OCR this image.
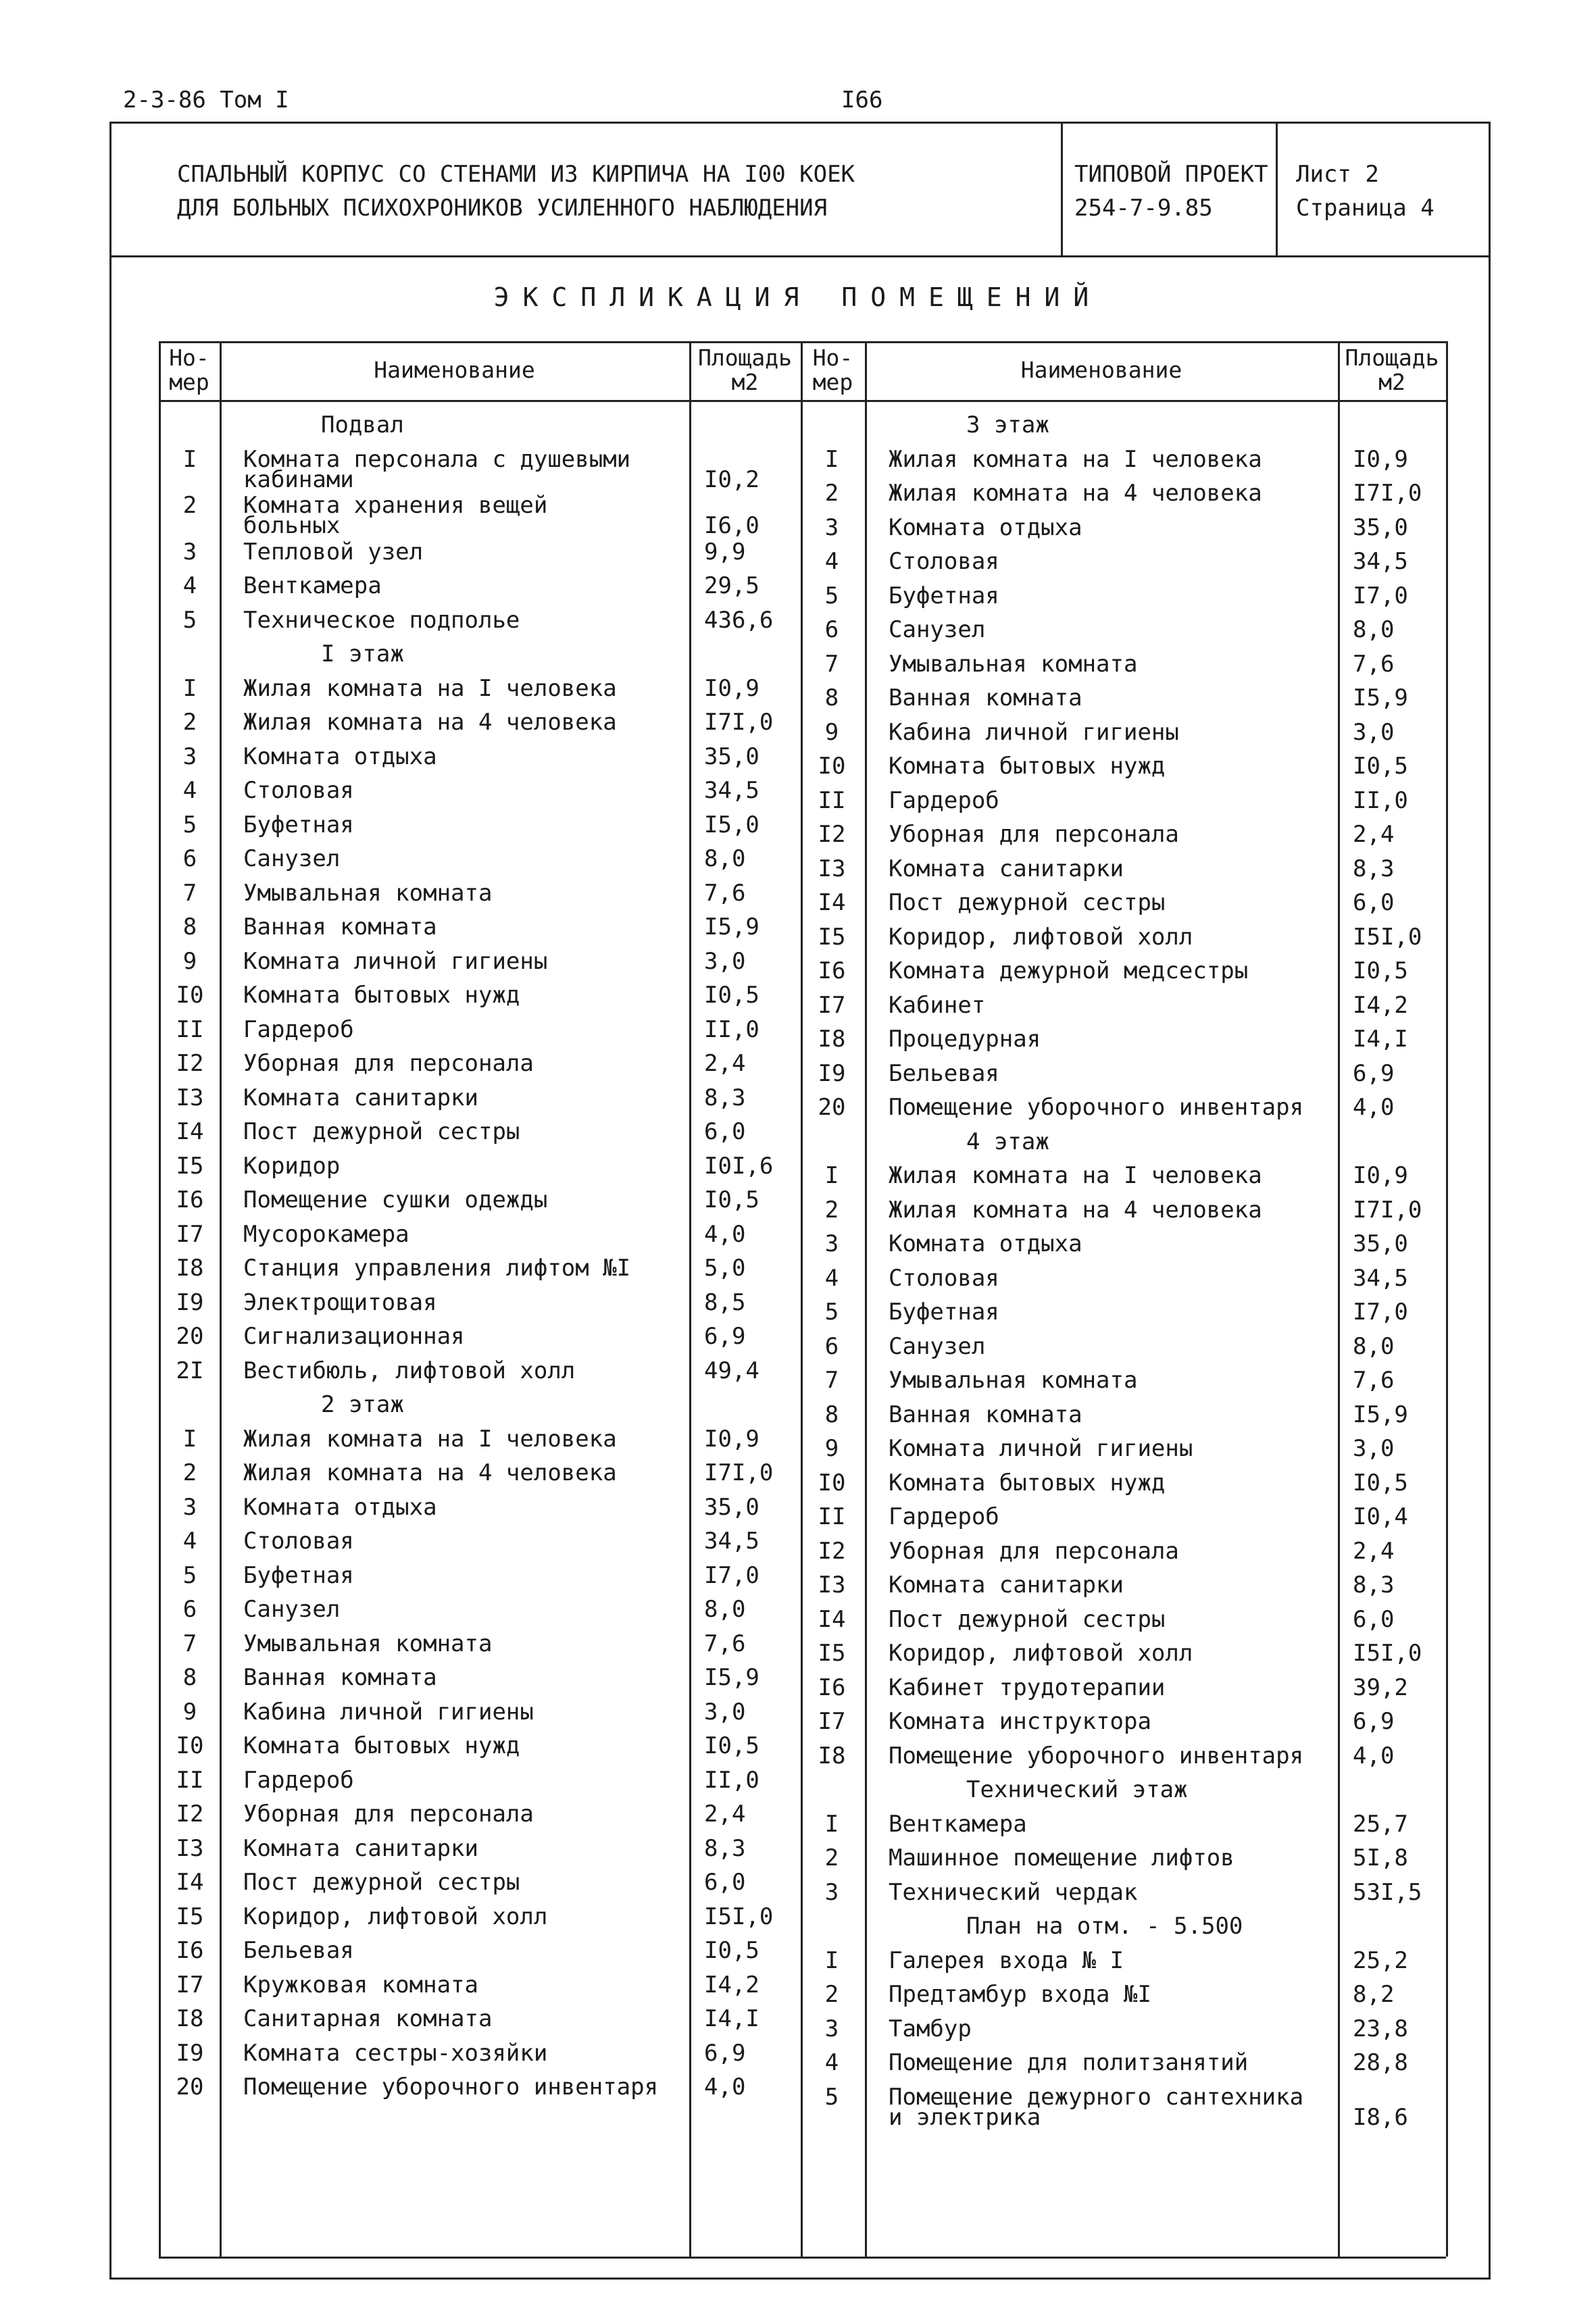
2-3-86 Том I	I66
СПАЛЬНЫЙ КОРПУС СО СТЕНАМИ ИЗ КИРПИЧА НА I00 КОЕК
ДЛЯ БОЛЬНЫХ ПСИХОХРОНИКОВ УСИЛЕННОГО НАБЛЮДЕНИЯ
ТИПОВОЙ ПРОЕКТ
254-7-9.85
Лист 2
Страница 4
ЭКСПЛИКАЦИЯ ПОМЕЩЕНИЙ
Но-
мер	Наименование	Площадь
м2
Но-
мер	Наименование	Площадь
м2
Подвал
I	Комната персонала с душевыми
кабинами	I0,2
2	Комната хранения вещей
больных	I6,0
3	Тепловой узел	9,9
4	Венткамера	29,5
5	Техническое подполье	436,6
I этаж
I	Жилая комната на I человека	I0,9
2	Жилая комната на 4 человека	I7I,0
3	Комната отдыха	35,0
4	Столовая	34,5
5	Буфетная	I5,0
6	Санузел	8,0
7	Умывальная комната	7,6
8	Ванная комната	I5,9
9	Комната личной гигиены	3,0
I0	Комната бытовых нужд	I0,5
II	Гардероб	II,0
I2	Уборная для персонала	2,4
I3	Комната санитарки	8,3
I4	Пост дежурной сестры	6,0
I5	Коридор	I0I,6
I6	Помещение сушки одежды	I0,5
I7	Мусорокамера	4,0
I8	Станция управления лифтом №I	5,0
I9	Электрощитовая	8,5
20	Сигнализационная	6,9
2I	Вестибюль, лифтовой холл	49,4
2 этаж
I	Жилая комната на I человека	I0,9
2	Жилая комната на 4 человека	I7I,0
3	Комната отдыха	35,0
4	Столовая	34,5
5	Буфетная	I7,0
6	Санузел	8,0
7	Умывальная комната	7,6
8	Ванная комната	I5,9
9	Кабина личной гигиены	3,0
I0	Комната бытовых нужд	I0,5
II	Гардероб	II,0
I2	Уборная для персонала	2,4
I3	Комната санитарки	8,3
I4	Пост дежурной сестры	6,0
I5	Коридор, лифтовой холл	I5I,0
I6	Бельевая	I0,5
I7	Кружковая комната	I4,2
I8	Санитарная комната	I4,I
I9	Комната сестры-хозяйки	6,9
20	Помещение уборочного инвентаря 4,0
3 этаж
I	Жилая комната на I человека	I0,9
2	Жилая комната на 4 человека	I7I,0
3	Комната отдыха	35,0
4	Столовая	34,5
5	Буфетная	I7,0
6	Санузел	8,0
7	Умывальная комната	7,6
8	Ванная комната	I5,9
9	Кабина личной гигиены	3,0
I0	Комната бытовых нужд	I0,5
II	Гардероб	II,0
I2	Уборная для персонала	2,4
I3	Комната санитарки	8,3
I4	Пост дежурной сестры	6,0
I5	Коридор, лифтовой холл	I5I,0
I6	Комната дежурной медсестры	I0,5
I7	Кабинет	I4,2
I8	Процедурная	I4,I
I9	Бельевая	6,9
20	Помещение уборочного инвентаря 4,0
4 этаж
I	Жилая комната на I человека	I0,9
2	Жилая комната на 4 человека	I7I,0
3	Комната отдыха	35,0
4	Столовая	34,5
5	Буфетная	I7,0
6	Санузел	8,0
7	Умывальная комната	7,6
8	Ванная комната	I5,9
9	Комната личной гигиены	3,0
I0	Комната бытовых нужд	I0,5
II	Гардероб	I0,4
I2	Уборная для персонала	2,4
I3	Комната санитарки	8,3
I4	Пост дежурной сестры	6,0
I5	Коридор, лифтовой холл	I5I,0
I6	Кабинет трудотерапии	39,2
I7	Комната инструктора	6,9
I8	Помещение уборочного инвентаря 4,0
Технический этаж
I	Венткамера	25,7
2	Машинное помещение лифтов	5I,8
3	Технический чердак	53I,5
План на отм. - 5.500
I	Галерея входа № I	25,2
2	Предтамбур входа №I	8,2
3	Тамбур	23,8
4	Помещение для политзанятий	28,8
5	Помещение дежурного сантехника
и электрика	I8,6
